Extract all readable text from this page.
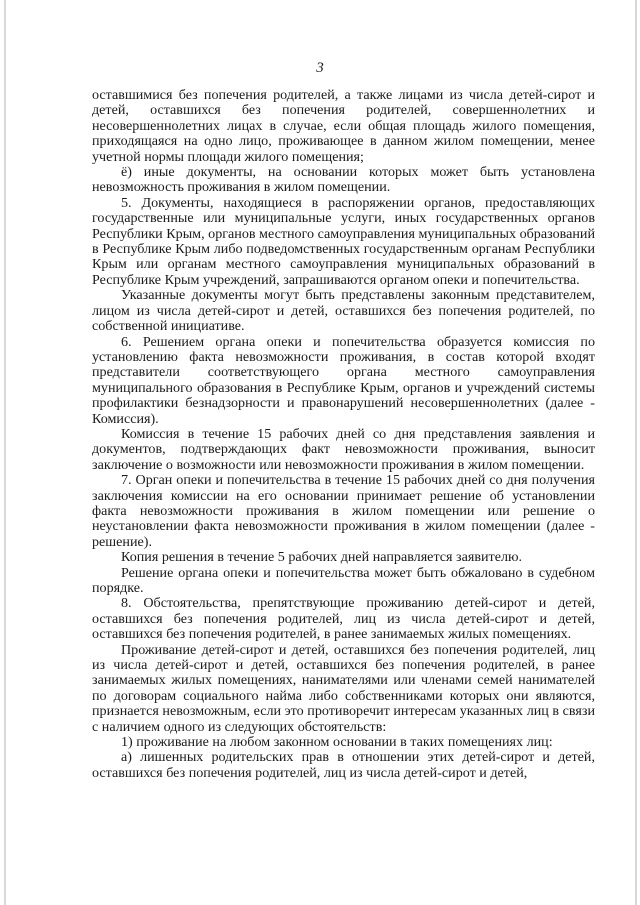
3

оставшимися без попечения родителей, а также лицами из числа детей-сирот и детей, оставшихся без попечения родителей, совершеннолетних и несовершеннолетних лицах в случае, если общая площадь жилого помещения, приходящаяся на одно лицо, проживающее в данном жилом помещении, менее учетной нормы площади жилого помещения;

ё) иные документы, на основании которых может быть установлена невозможность проживания в жилом помещении.

5. Документы, находящиеся в распоряжении органов, предоставляющих государственные или муниципальные услуги, иных государственных органов Республики Крым, органов местного самоуправления муниципальных образований в Республике Крым либо подведомственных государственным органам Республики Крым или органам местного самоуправления муниципальных образований в Республике Крым учреждений, запрашиваются органом опеки и попечительства.

Указанные документы могут быть представлены законным представителем, лицом из числа детей-сирот и детей, оставшихся без попечения родителей, по собственной инициативе.

6. Решением органа опеки и попечительства образуется комиссия по установлению факта невозможности проживания, в состав которой входят представители соответствующего органа местного самоуправления муниципального образования в Республике Крым, органов и учреждений системы профилактики безнадзорности и правонарушений несовершеннолетних (далее - Комиссия).

Комиссия в течение 15 рабочих дней со дня представления заявления и документов, подтверждающих факт невозможности проживания, выносит заключение о возможности или невозможности проживания в жилом помещении.

7. Орган опеки и попечительства в течение 15 рабочих дней со дня получения заключения комиссии на его основании принимает решение об установлении факта невозможности проживания в жилом помещении или решение о неустановлении факта невозможности проживания в жилом помещении (далее - решение).

Копия решения в течение 5 рабочих дней направляется заявителю.

Решение органа опеки и попечительства может быть обжаловано в судебном порядке.

8. Обстоятельства, препятствующие проживанию детей-сирот и детей, оставшихся без попечения родителей, лиц из числа детей-сирот и детей, оставшихся без попечения родителей, в ранее занимаемых жилых помещениях.

Проживание детей-сирот и детей, оставшихся без попечения родителей, лиц из числа детей-сирот и детей, оставшихся без попечения родителей, в ранее занимаемых жилых помещениях, нанимателями или членами семей нанимателей по договорам социального найма либо собственниками которых они являются, признается невозможным, если это противоречит интересам указанных лиц в связи с наличием одного из следующих обстоятельств:

1) проживание на любом законном основании в таких помещениях лиц:

а) лишенных родительских прав в отношении этих детей-сирот и детей, оставшихся без попечения родителей, лиц из числа детей-сирот и детей,
